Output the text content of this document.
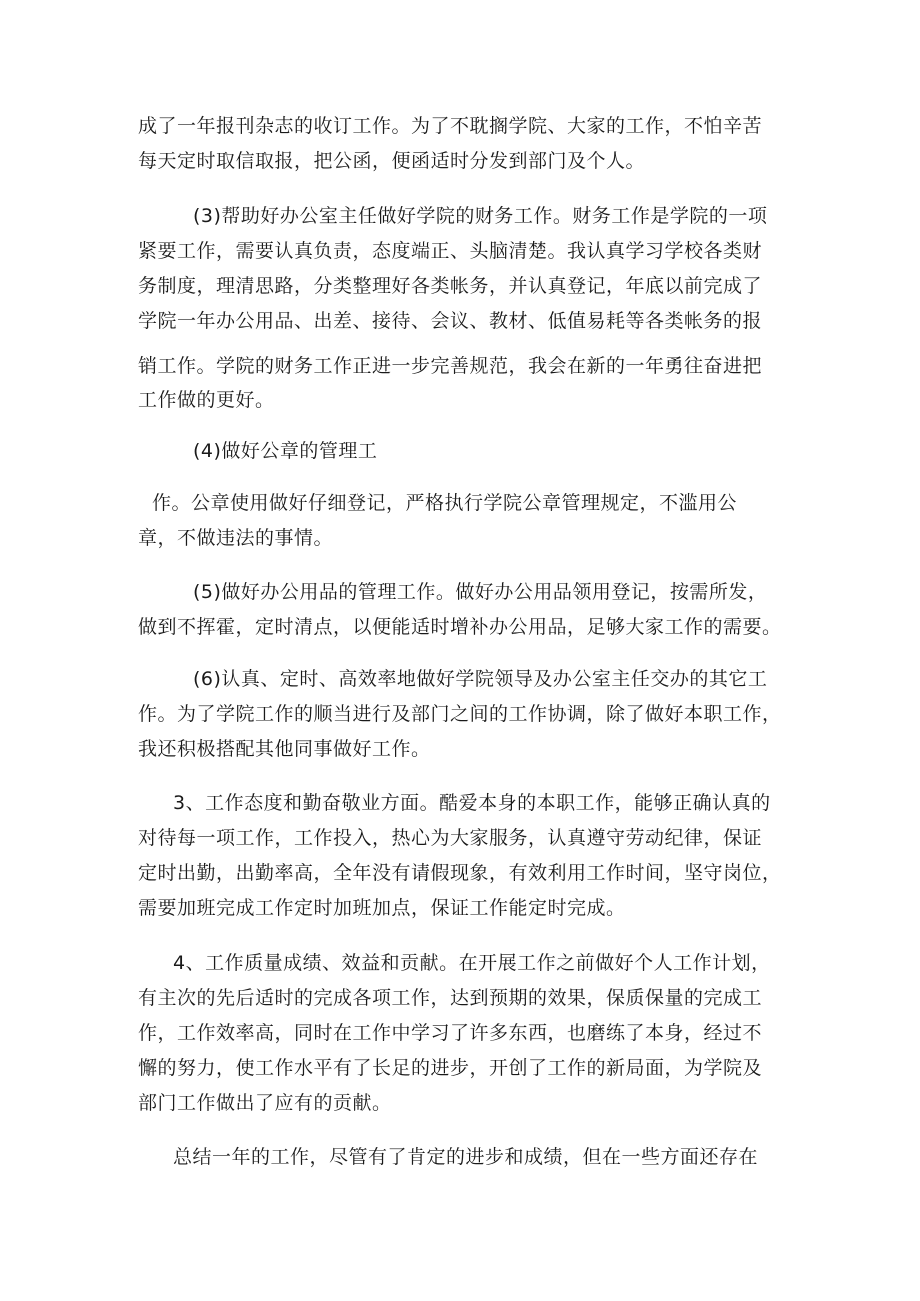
成了一年报刊杂志的收订工作。为了不耽搁学院、大家的工作，不怕辛苦
每天定时取信取报，把公函，便函适时分发到部门及个人。
(3)帮助好办公室主任做好学院的财务工作。财务工作是学院的一项
紧要工作，需要认真负责，态度端正、头脑清楚。我认真学习学校各类财
务制度，理清思路，分类整理好各类帐务，并认真登记，年底以前完成了
学院一年办公用品、出差、接待、会议、教材、低值易耗等各类帐务的报
销工作。学院的财务工作正进一步完善规范，我会在新的一年勇往奋进把
工作做的更好。
(4)做好公章的管理工
作。公章使用做好仔细登记，严格执行学院公章管理规定，不滥用公
章，不做违法的事情。
(5)做好办公用品的管理工作。做好办公用品领用登记，按需所发，
做到不挥霍，定时清点，以便能适时增补办公用品，足够大家工作的需要。
(6)认真、定时、高效率地做好学院领导及办公室主任交办的其它工
作。为了学院工作的顺当进行及部门之间的工作协调，除了做好本职工作，
我还积极搭配其他同事做好工作。
3、工作态度和勤奋敬业方面。酷爱本身的本职工作，能够正确认真的
对待每一项工作，工作投入，热心为大家服务，认真遵守劳动纪律，保证
定时出勤，出勤率高，全年没有请假现象，有效利用工作时间，坚守岗位，
需要加班完成工作定时加班加点，保证工作能定时完成。
4、工作质量成绩、效益和贡献。在开展工作之前做好个人工作计划，
有主次的先后适时的完成各项工作，达到预期的效果，保质保量的完成工
作，工作效率高，同时在工作中学习了许多东西，也磨练了本身，经过不
懈的努力，使工作水平有了长足的进步，开创了工作的新局面，为学院及
部门工作做出了应有的贡献。
总结一年的工作，尽管有了肯定的进步和成绩，但在一些方面还存在
